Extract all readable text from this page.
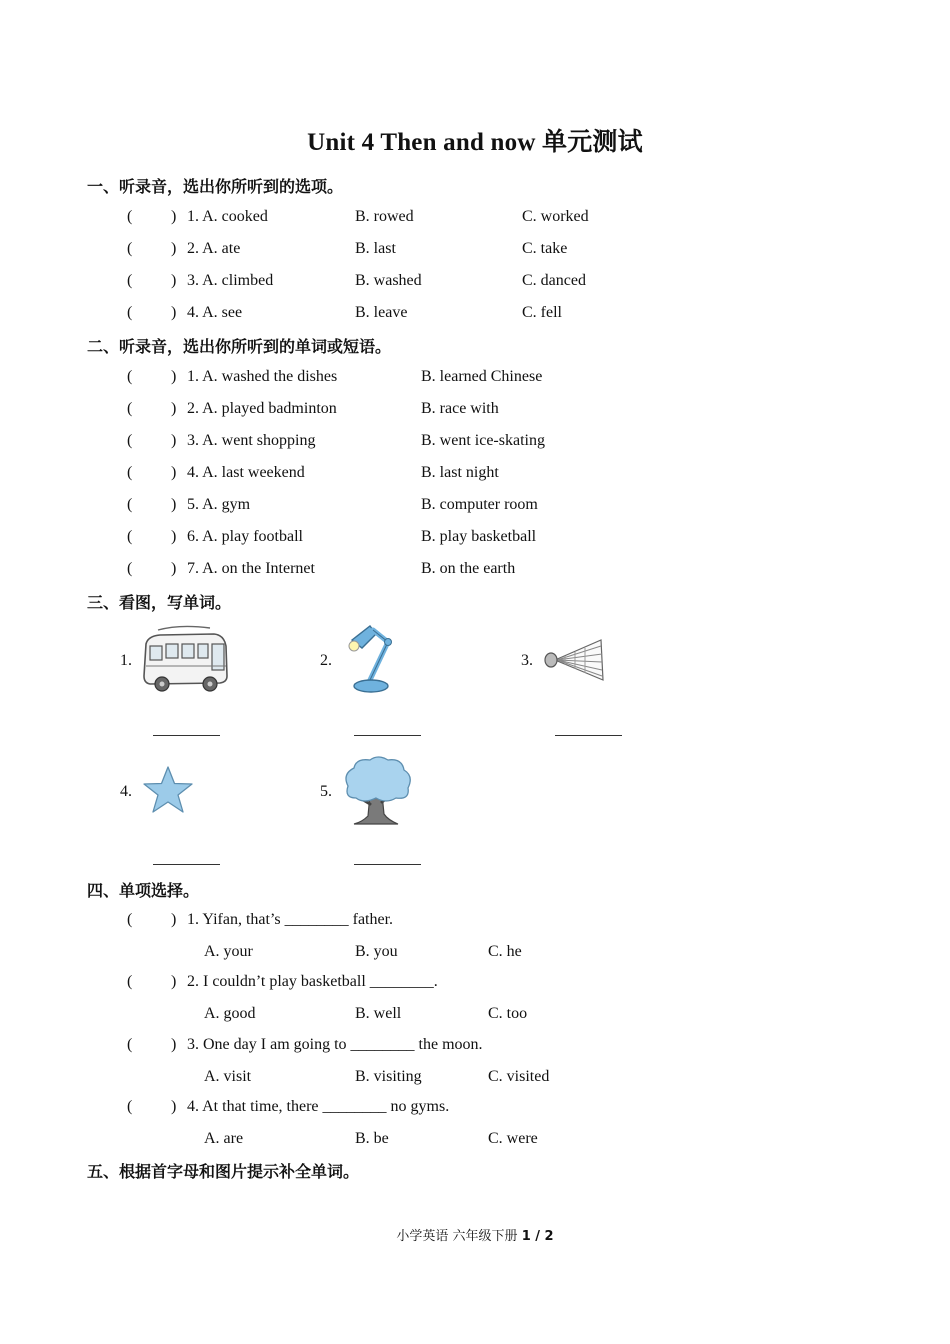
Unit 4 Then and now 单元测试
一、听录音，选出你所听到的选项。
( ) 1. A. cooked	B. rowed	C. worked
( ) 2. A. ate	B. last	C. take
( ) 3. A. climbed	B. washed	C. danced
( ) 4. A. see	B. leave	C. fell
二、听录音，选出你所听到的单词或短语。
( ) 1. A. washed the dishes	B. learned Chinese
( ) 2. A. played badminton	B. race with
( ) 3. A. went shopping	B. went ice-skating
( ) 4. A. last weekend	B. last night
( ) 5. A. gym	B. computer room
( ) 6. A. play football	B. play basketball
( ) 7. A. on the Internet	B. on the earth
三、看图，写单词。
1.	2.	3.
4.	5.
四、单项选择。
( ) 1. Yifan, that’s ________ father.
A. your	B. you	C. he
( ) 2. I couldn’t play basketball ________.
A. good	B. well	C. too
( ) 3. One day I am going to ________ the moon.
A. visit	B. visiting	C. visited
( ) 4. At that time, there ________ no gyms.
A. are	B. be	C. were
五、根据首字母和图片提示补全单词。
小学英语 六年级下册 1 / 2
